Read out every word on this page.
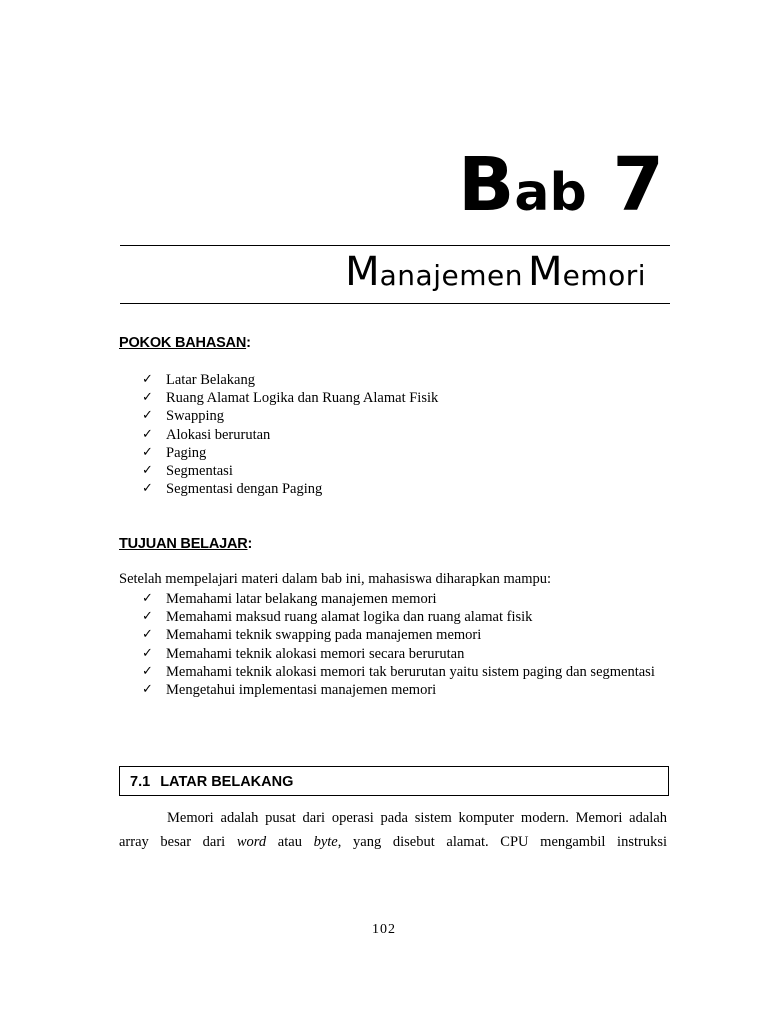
Bab 7
Manajemen Memori
POKOK BAHASAN:
✓ Latar Belakang
✓ Ruang Alamat Logika dan Ruang Alamat Fisik
✓ Swapping
✓ Alokasi berurutan
✓ Paging
✓ Segmentasi
✓ Segmentasi dengan Paging
TUJUAN BELAJAR:
Setelah mempelajari materi dalam bab ini, mahasiswa diharapkan mampu:
✓ Memahami latar belakang manajemen memori
✓ Memahami maksud ruang alamat logika dan ruang alamat fisik
✓ Memahami teknik swapping pada manajemen memori
✓ Memahami teknik alokasi memori secara berurutan
✓ Memahami teknik alokasi memori tak berurutan yaitu sistem paging dan segmentasi
✓ Mengetahui implementasi manajemen memori
7.1 LATAR BELAKANG
Memori adalah pusat dari operasi pada sistem komputer modern. Memori adalah array besar dari word atau byte, yang disebut alamat. CPU mengambil instruksi
102
